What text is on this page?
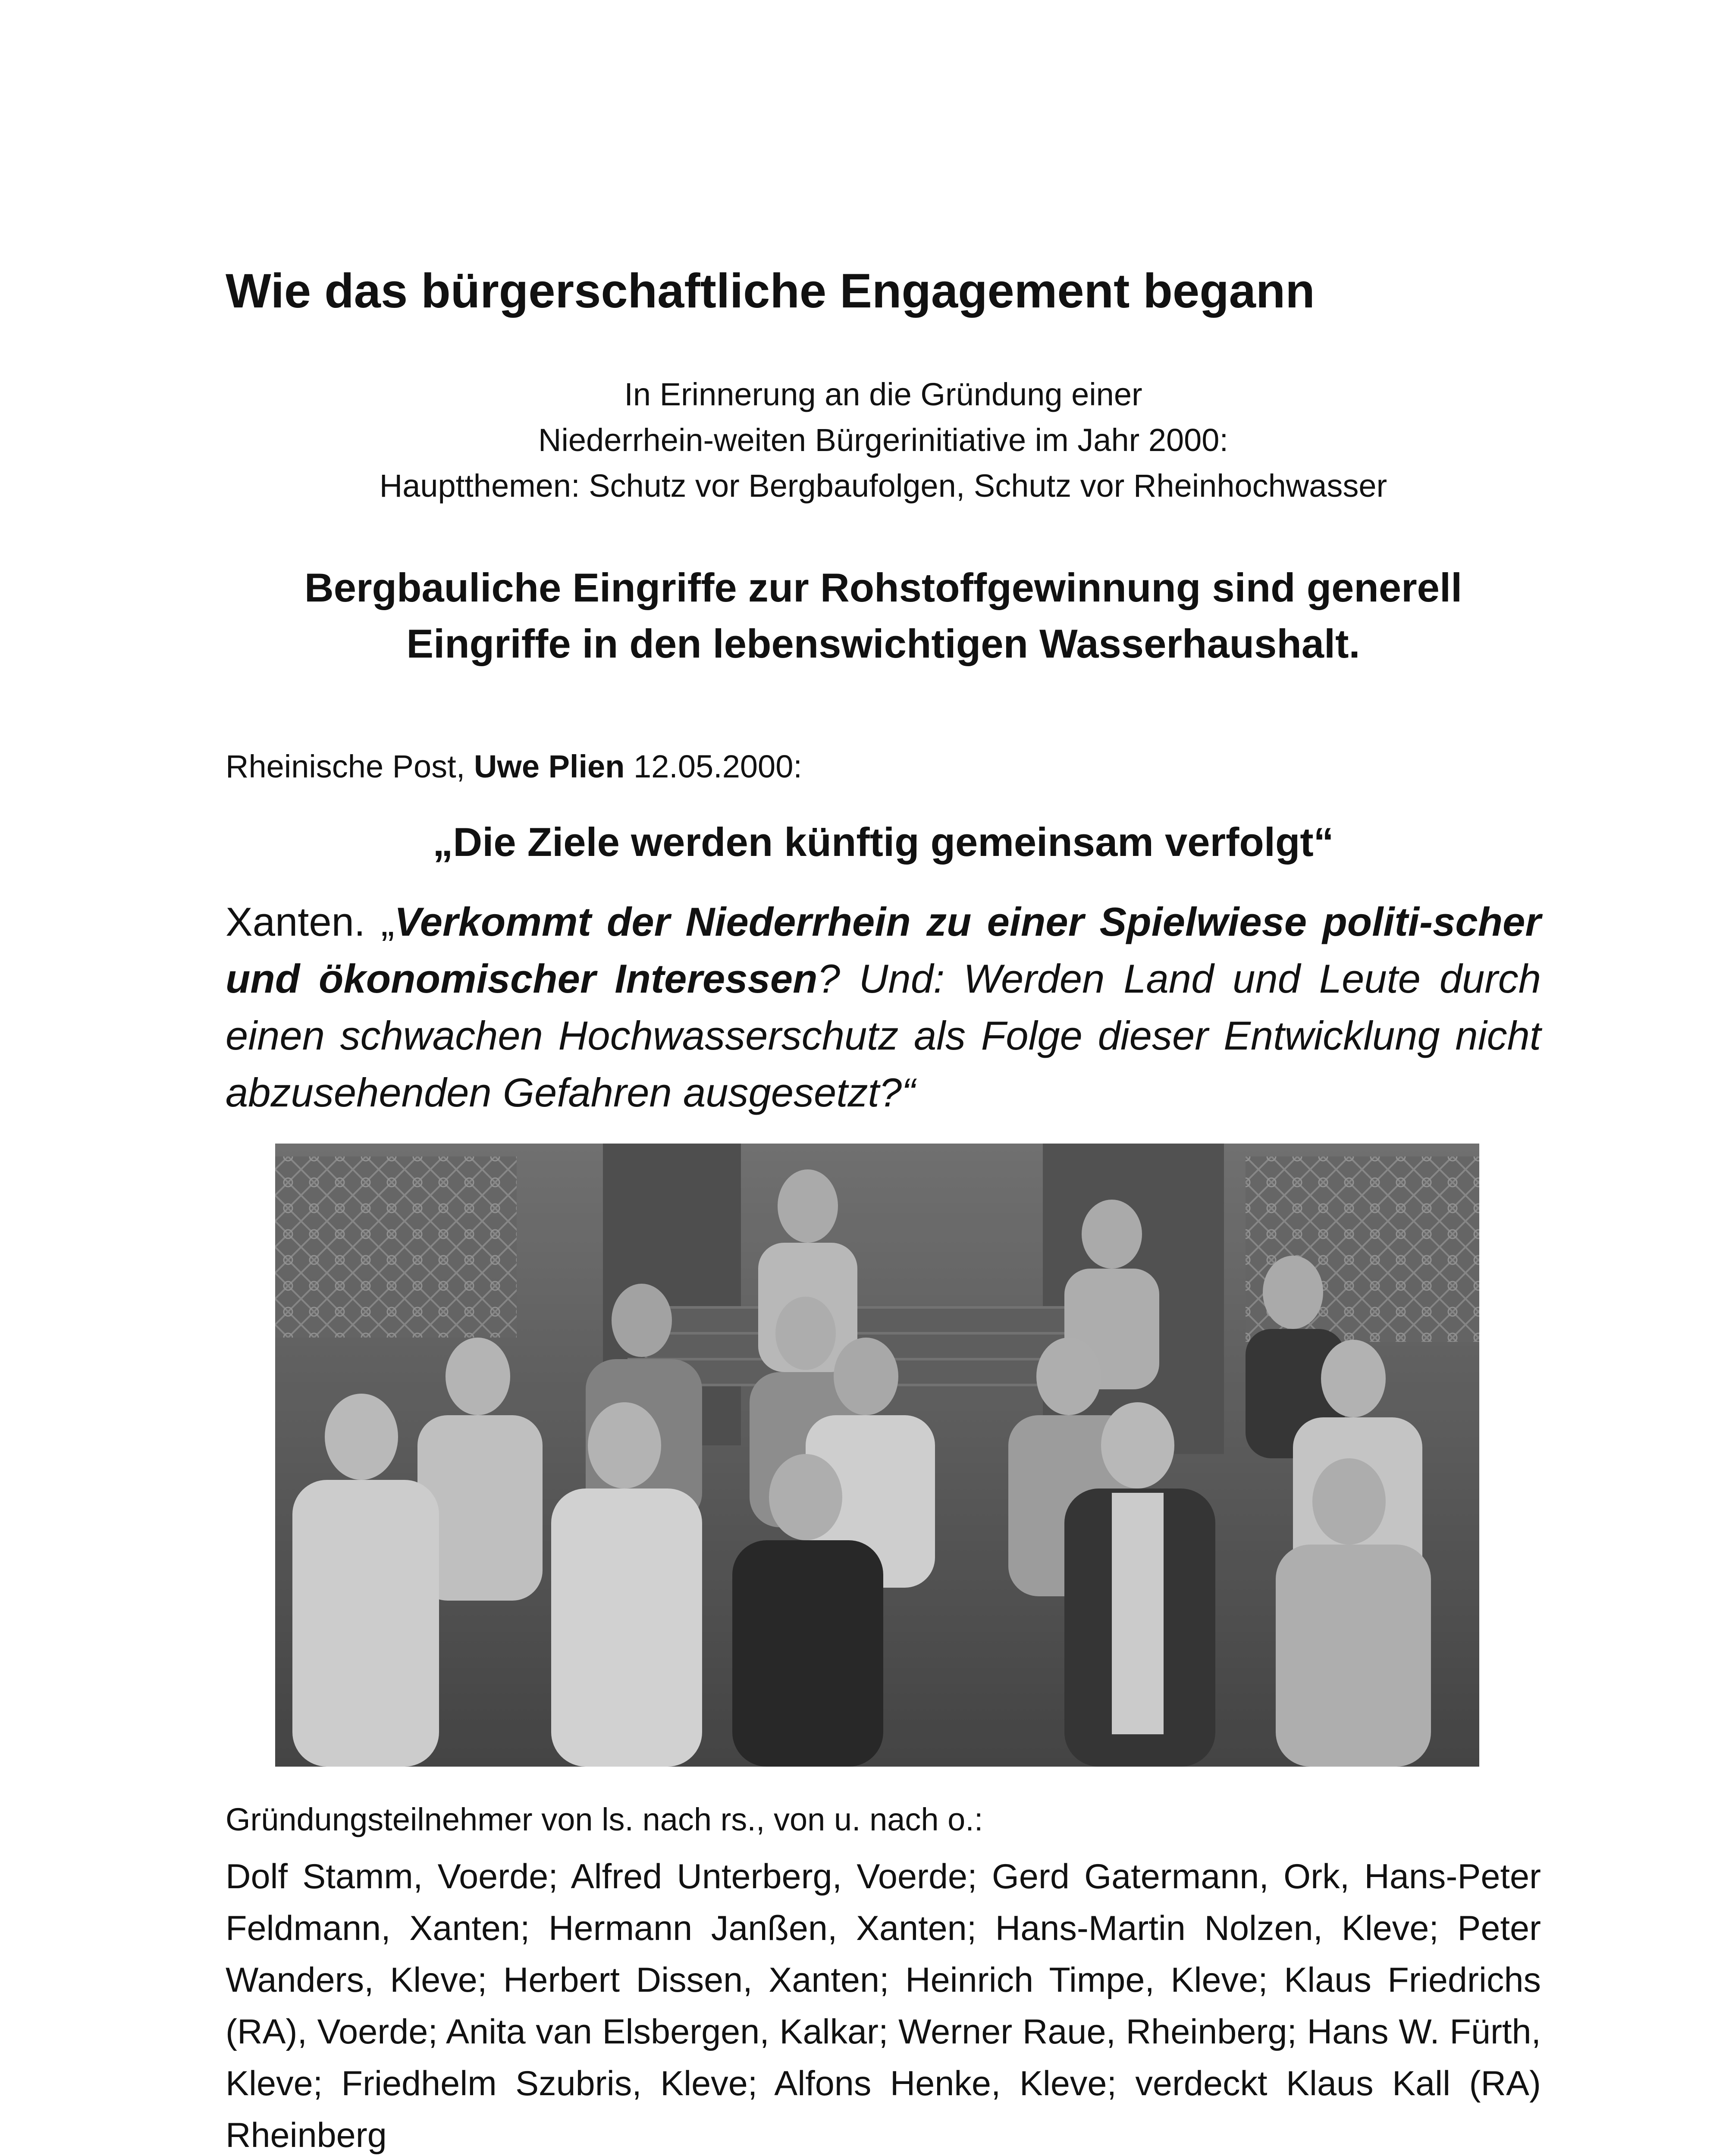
Wie das bürgerschaftliche Engagement begann
In Erinnerung an die Gründung einer
Niederrhein-weiten Bürgerinitiative im Jahr 2000:
Hauptthemen: Schutz vor Bergbaufolgen, Schutz vor Rheinhochwasser
Bergbauliche Eingriffe zur Rohstoffgewinnung sind generell
Eingriffe in den lebenswichtigen Wasserhaushalt.
Rheinische Post, Uwe Plien 12.05.2000:
„Die Ziele werden künftig gemeinsam verfolgt“
Xanten. „Verkommt der Niederrhein zu einer Spielwiese politi-scher und ökonomischer Interessen? Und: Werden Land und Leute durch einen schwachen Hochwasserschutz als Folge dieser Entwicklung nicht abzusehenden Gefahren ausgesetzt?“
Gründungsteilnehmer von ls. nach rs., von u. nach o.:
Dolf Stamm, Voerde; Alfred Unterberg, Voerde; Gerd Gatermann, Ork, Hans-Peter Feldmann, Xanten; Hermann Janßen, Xanten; Hans-Martin Nolzen, Kleve; Peter Wanders, Kleve; Herbert Dissen, Xanten; Heinrich Timpe, Kleve; Klaus Friedrichs (RA), Voerde; Anita van Elsbergen, Kalkar; Werner Raue, Rheinberg; Hans W. Fürth, Kleve; Friedhelm Szubris, Kleve; Alfons Henke, Kleve; verdeckt Klaus Kall (RA) Rheinberg
